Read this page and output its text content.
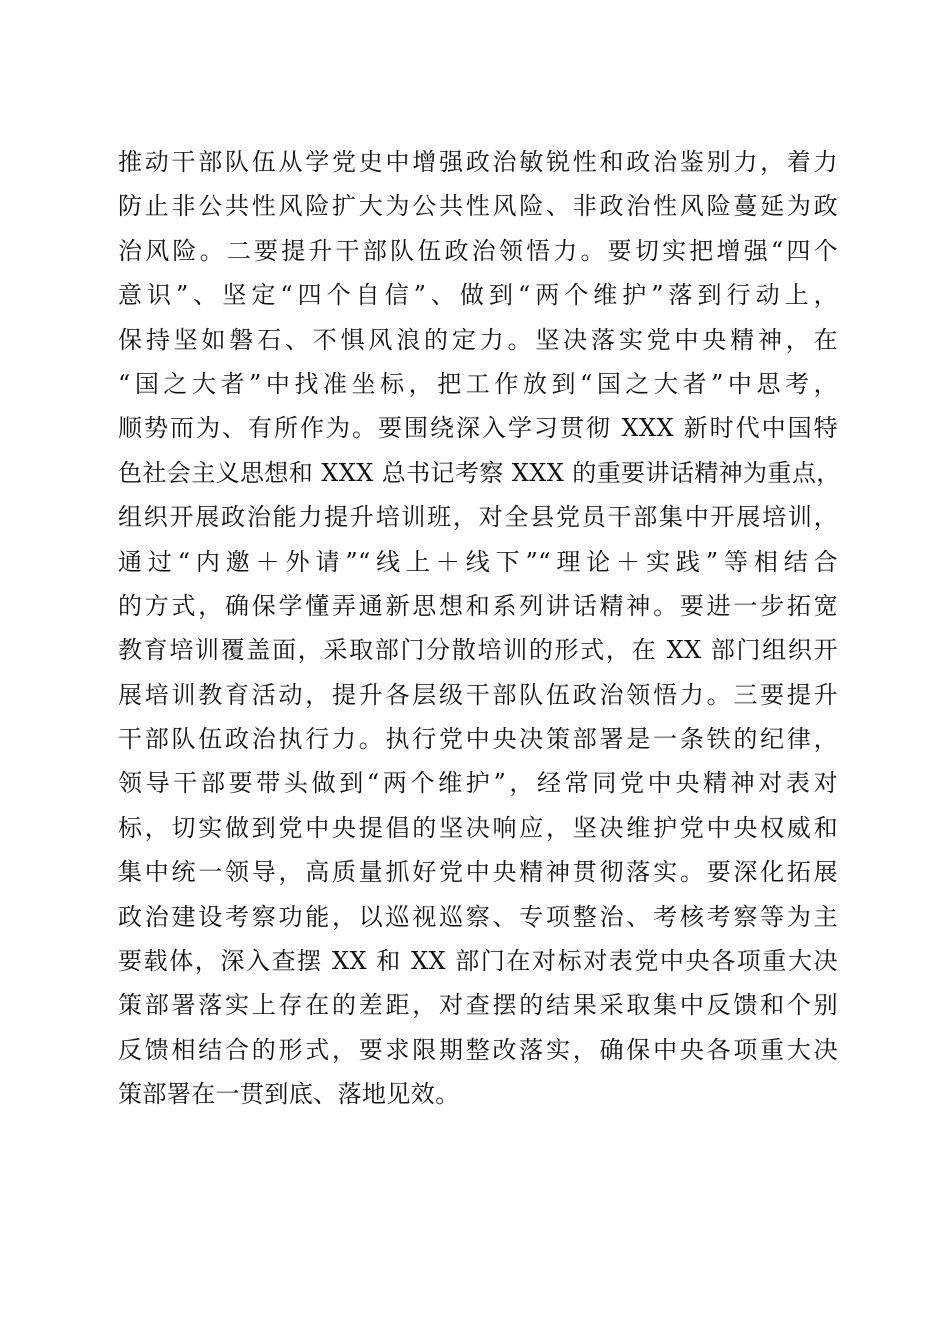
推动干部队伍从学党史中增强政治敏锐性和政治鉴别力，着力
防止非公共性风险扩大为公共性风险、非政治性风险蔓延为政
治风险。二要提升干部队伍政治领悟力。要切实把增强“四个
意识”、坚定“四个自信”、做到“两个维护”落到行动上，
保持坚如磐石、不惧风浪的定力。坚决落实党中央精神，在
“国之大者”中找准坐标，把工作放到“国之大者”中思考，
顺势而为、有所作为。要围绕深入学习贯彻 XXX 新时代中国特
色社会主义思想和 XXX 总书记考察 XXX 的重要讲话精神为重点，
组织开展政治能力提升培训班，对全县党员干部集中开展培训，
通过“内邀＋外请”“线上＋线下”“理论＋实践”等相结合
的方式，确保学懂弄通新思想和系列讲话精神。要进一步拓宽
教育培训覆盖面，采取部门分散培训的形式，在 XX 部门组织开
展培训教育活动，提升各层级干部队伍政治领悟力。三要提升
干部队伍政治执行力。执行党中央决策部署是一条铁的纪律，
领导干部要带头做到“两个维护”，经常同党中央精神对表对
标，切实做到党中央提倡的坚决响应，坚决维护党中央权威和
集中统一领导，高质量抓好党中央精神贯彻落实。要深化拓展
政治建设考察功能，以巡视巡察、专项整治、考核考察等为主
要载体，深入查摆 XX 和 XX 部门在对标对表党中央各项重大决
策部署落实上存在的差距，对查摆的结果采取集中反馈和个别
反馈相结合的形式，要求限期整改落实，确保中央各项重大决
策部署在一贯到底、落地见效。
